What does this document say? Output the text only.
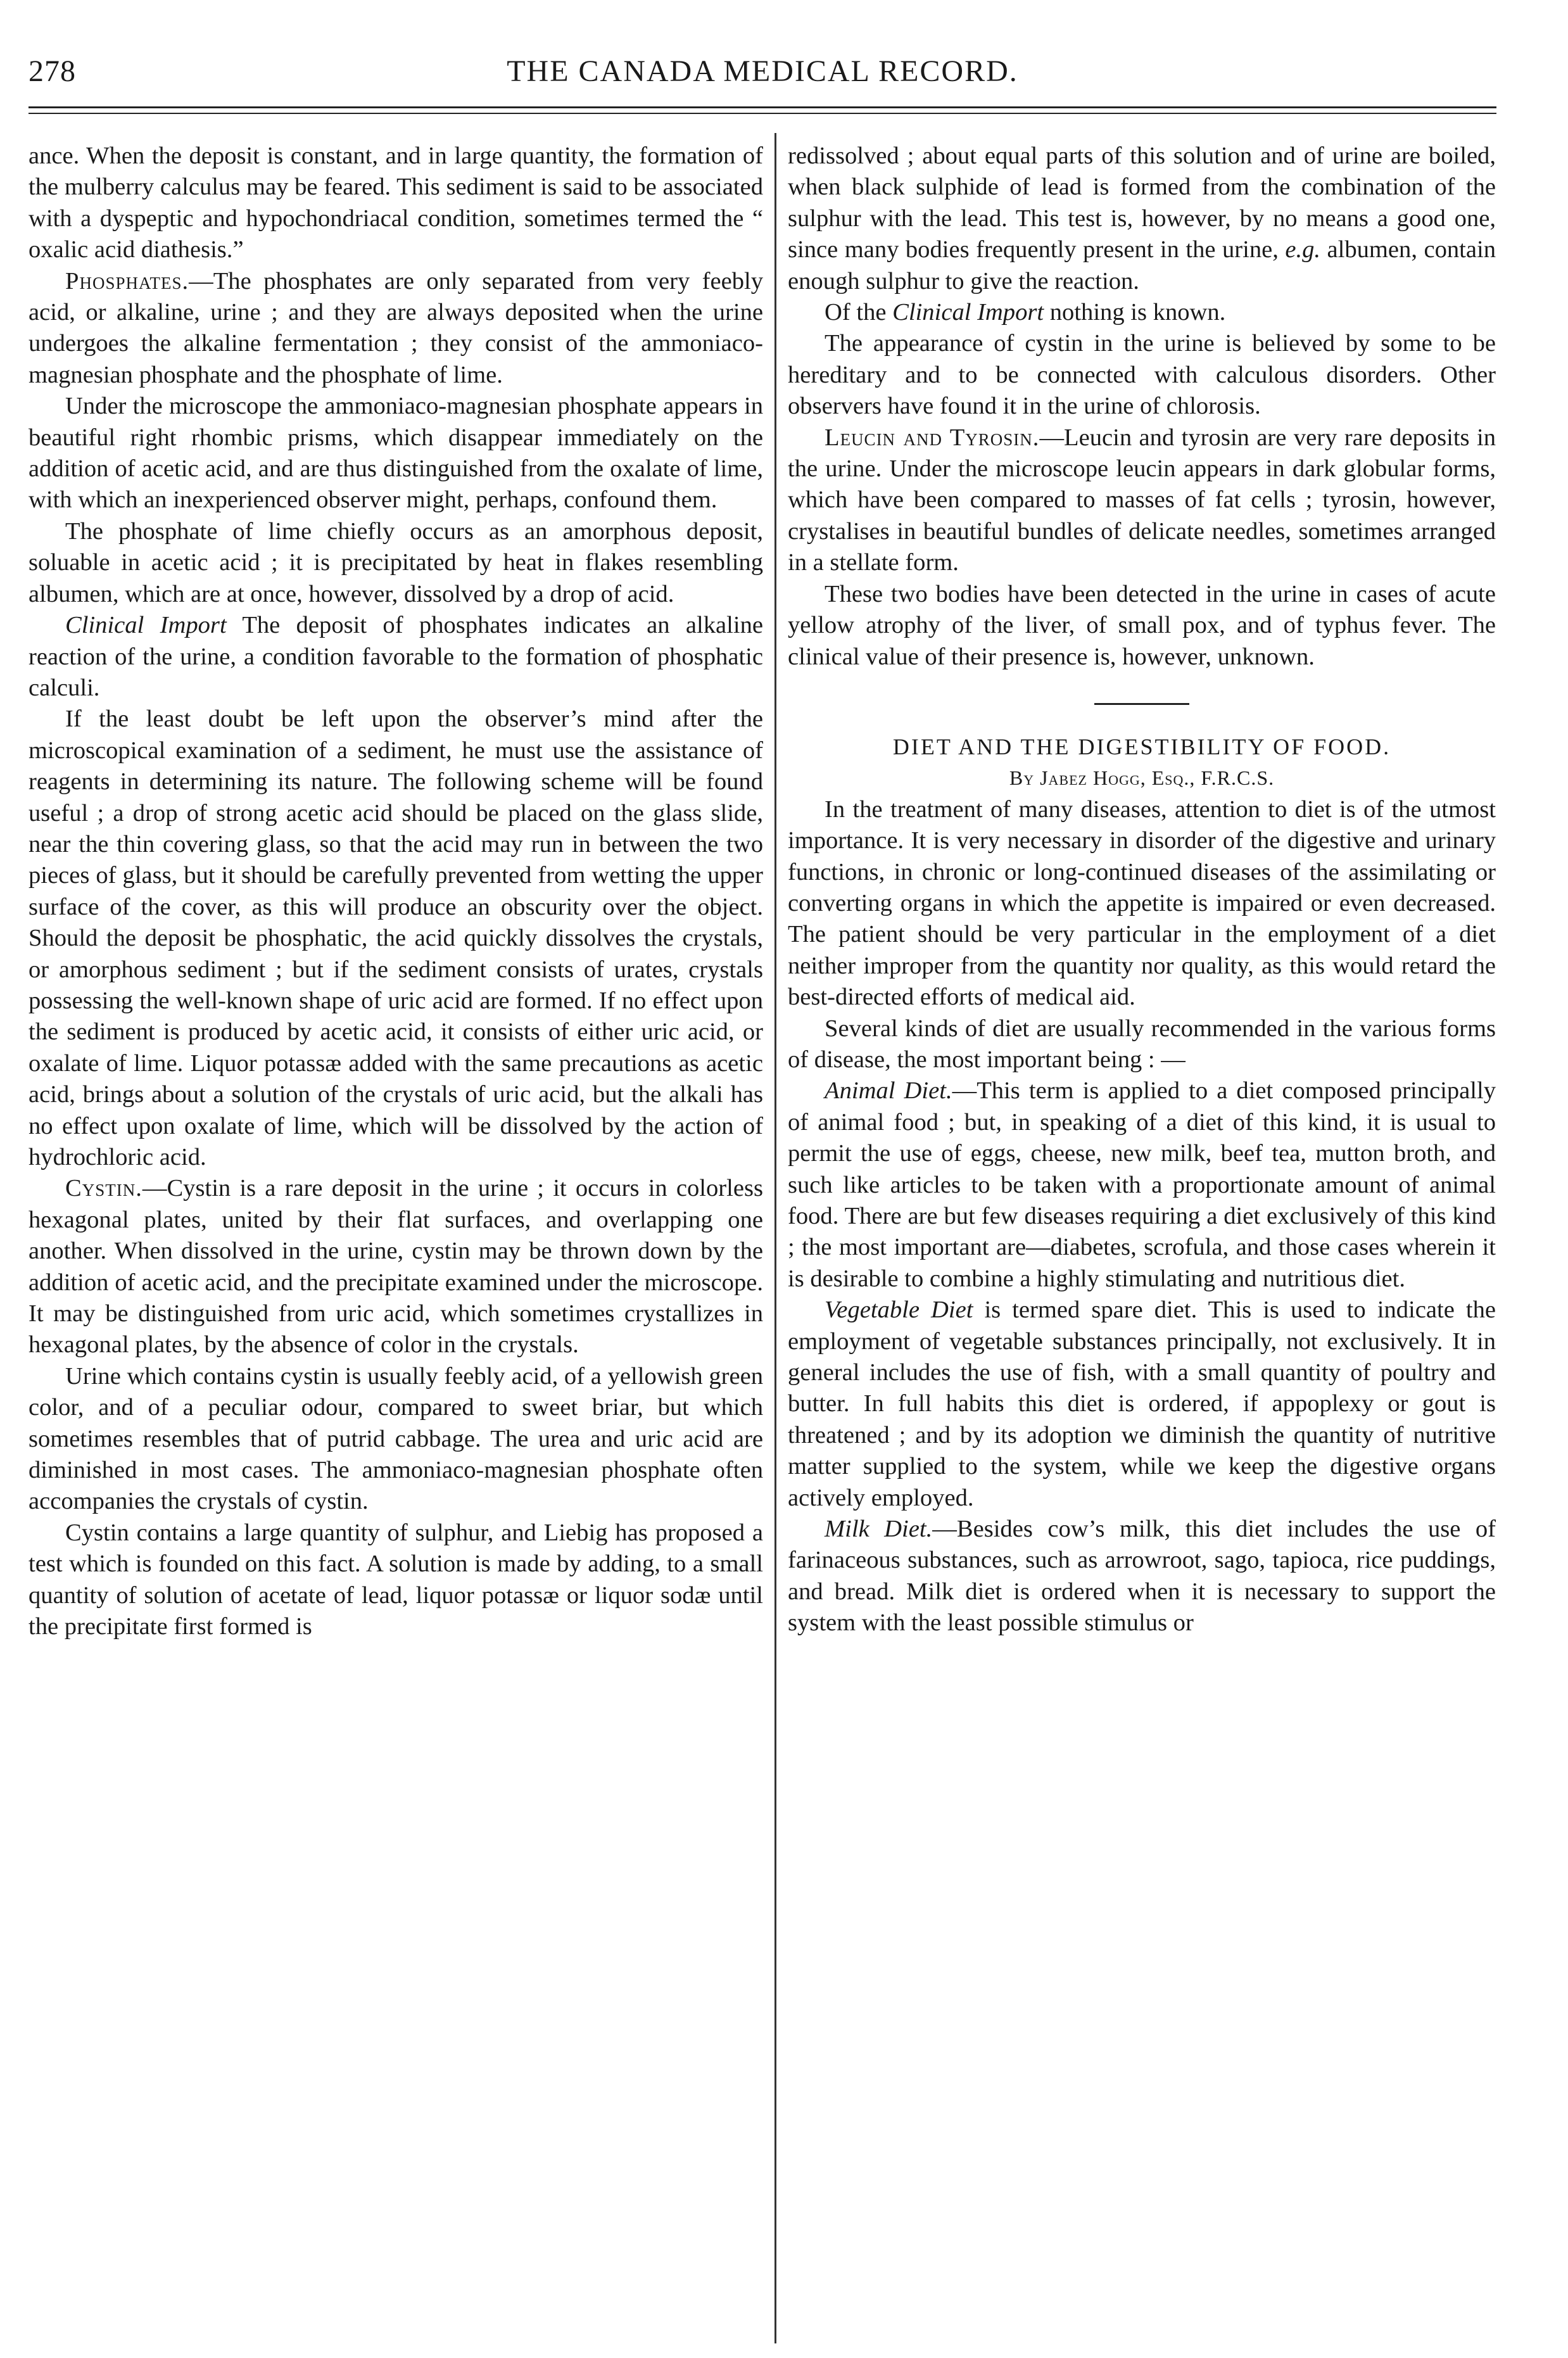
278	THE CANADA MEDICAL RECORD.

ance. When the deposit is constant, and in large quantity, the formation of the mulberry calculus may be feared. This sediment is said to be associated with a dyspeptic and hypochondriacal condition, sometimes termed the “ oxalic acid diathesis.”

Phosphates.—The phosphates are only separated from very feebly acid, or alkaline, urine ; and they are always deposited when the urine undergoes the alkaline fermentation ; they consist of the ammoniaco-magnesian phosphate and the phosphate of lime.

Under the microscope the ammoniaco-magnesian phosphate appears in beautiful right rhombic prisms, which disappear immediately on the addition of acetic acid, and are thus distinguished from the oxalate of lime, with which an inexperienced observer might, perhaps, confound them.

The phosphate of lime chiefly occurs as an amorphous deposit, soluable in acetic acid ; it is precipitated by heat in flakes resembling albumen, which are at once, however, dissolved by a drop of acid.

Clinical Import The deposit of phosphates indicates an alkaline reaction of the urine, a condition favorable to the formation of phosphatic calculi.

If the least doubt be left upon the observer’s mind after the microscopical examination of a sediment, he must use the assistance of reagents in determining its nature. The following scheme will be found useful ; a drop of strong acetic acid should be placed on the glass slide, near the thin covering glass, so that the acid may run in between the two pieces of glass, but it should be carefully prevented from wetting the upper surface of the cover, as this will produce an obscurity over the object. Should the deposit be phosphatic, the acid quickly dissolves the crystals, or amorphous sediment ; but if the sediment consists of urates, crystals possessing the well-known shape of uric acid are formed. If no effect upon the sediment is produced by acetic acid, it consists of either uric acid, or oxalate of lime. Liquor potassæ added with the same precautions as acetic acid, brings about a solution of the crystals of uric acid, but the alkali has no effect upon oxalate of lime, which will be dissolved by the action of hydrochloric acid.

Cystin.—Cystin is a rare deposit in the urine ; it occurs in colorless hexagonal plates, united by their flat surfaces, and overlapping one another. When dissolved in the urine, cystin may be thrown down by the addition of acetic acid, and the precipitate examined under the microscope. It may be distinguished from uric acid, which sometimes crystallizes in hexagonal plates, by the absence of color in the crystals.

Urine which contains cystin is usually feebly acid, of a yellowish green color, and of a peculiar odour, compared to sweet briar, but which sometimes resembles that of putrid cabbage. The urea and uric acid are diminished in most cases. The ammoniaco-magnesian phosphate often accompanies the crystals of cystin.

Cystin contains a large quantity of sulphur, and Liebig has proposed a test which is founded on this fact. A solution is made by adding, to a small quantity of solution of acetate of lead, liquor potassæ or liquor sodæ until the precipitate first formed is

redissolved ; about equal parts of this solution and of urine are boiled, when black sulphide of lead is formed from the combination of the sulphur with the lead. This test is, however, by no means a good one, since many bodies frequently present in the urine, e.g. albumen, contain enough sulphur to give the reaction.

Of the Clinical Import nothing is known.

The appearance of cystin in the urine is believed by some to be hereditary and to be connected with calculous disorders. Other observers have found it in the urine of chlorosis.

Leucin and Tyrosin.—Leucin and tyrosin are very rare deposits in the urine. Under the microscope leucin appears in dark globular forms, which have been compared to masses of fat cells ; tyrosin, however, crystalises in beautiful bundles of delicate needles, sometimes arranged in a stellate form.

These two bodies have been detected in the urine in cases of acute yellow atrophy of the liver, of small pox, and of typhus fever. The clinical value of their presence is, however, unknown.

DIET AND THE DIGESTIBILITY OF FOOD.

By Jabez Hogg, Esq., F.R.C.S.

In the treatment of many diseases, attention to diet is of the utmost importance. It is very necessary in disorder of the digestive and urinary functions, in chronic or long-continued diseases of the assimilating or converting organs in which the appetite is impaired or even decreased. The patient should be very particular in the employment of a diet neither improper from the quantity nor quality, as this would retard the best-directed efforts of medical aid.

Several kinds of diet are usually recommended in the various forms of disease, the most important being : —

Animal Diet.—This term is applied to a diet composed principally of animal food ; but, in speaking of a diet of this kind, it is usual to permit the use of eggs, cheese, new milk, beef tea, mutton broth, and such like articles to be taken with a proportionate amount of animal food. There are but few diseases requiring a diet exclusively of this kind ; the most important are—diabetes, scrofula, and those cases wherein it is desirable to combine a highly stimulating and nutritious diet.

Vegetable Diet is termed spare diet. This is used to indicate the employment of vegetable substances principally, not exclusively. It in general includes the use of fish, with a small quantity of poultry and butter. In full habits this diet is ordered, if appoplexy or gout is threatened ; and by its adoption we diminish the quantity of nutritive matter supplied to the system, while we keep the digestive organs actively employed.

Milk Diet.—Besides cow’s milk, this diet includes the use of farinaceous substances, such as arrowroot, sago, tapioca, rice puddings, and bread. Milk diet is ordered when it is necessary to support the system with the least possible stimulus or
